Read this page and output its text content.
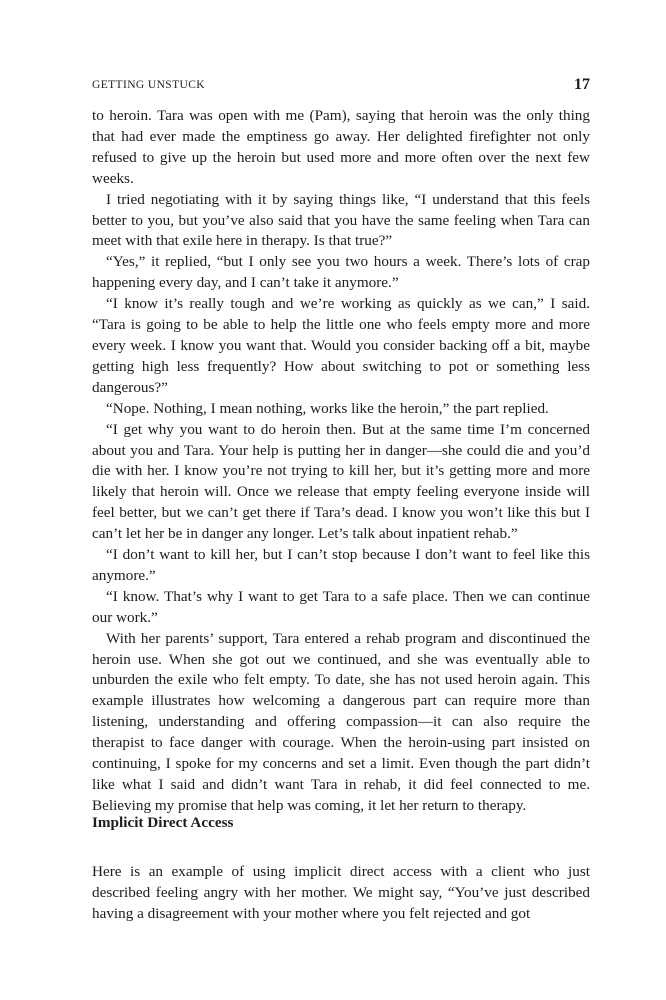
GETTING UNSTUCK	17

to heroin. Tara was open with me (Pam), saying that heroin was the only thing that had ever made the emptiness go away. Her delighted firefighter not only refused to give up the heroin but used more and more often over the next few weeks.

I tried negotiating with it by saying things like, “I understand that this feels better to you, but you’ve also said that you have the same feeling when Tara can meet with that exile here in therapy. Is that true?”

“Yes,” it replied, “but I only see you two hours a week. There’s lots of crap happening every day, and I can’t take it anymore.”

“I know it’s really tough and we’re working as quickly as we can,” I said. “Tara is going to be able to help the little one who feels empty more and more every week. I know you want that. Would you consider backing off a bit, maybe getting high less frequently? How about switching to pot or something less dangerous?”

“Nope. Nothing, I mean nothing, works like the heroin,” the part replied.

“I get why you want to do heroin then. But at the same time I’m concerned about you and Tara. Your help is putting her in danger—she could die and you’d die with her. I know you’re not trying to kill her, but it’s getting more and more likely that heroin will. Once we release that empty feeling everyone inside will feel better, but we can’t get there if Tara’s dead. I know you won’t like this but I can’t let her be in danger any longer. Let’s talk about inpatient rehab.”

“I don’t want to kill her, but I can’t stop because I don’t want to feel like this anymore.”

“I know. That’s why I want to get Tara to a safe place. Then we can continue our work.”

With her parents’ support, Tara entered a rehab program and discontinued the heroin use. When she got out we continued, and she was eventually able to unburden the exile who felt empty. To date, she has not used heroin again. This example illustrates how welcoming a dangerous part can require more than listening, understanding and offering compassion—it can also require the therapist to face danger with courage. When the heroin-using part insisted on continuing, I spoke for my concerns and set a limit. Even though the part didn’t like what I said and didn’t want Tara in rehab, it did feel connected to me. Believing my promise that help was coming, it let her return to therapy.

Implicit Direct Access

Here is an example of using implicit direct access with a client who just described feeling angry with her mother. We might say, “You’ve just described having a disagreement with your mother where you felt rejected and got
